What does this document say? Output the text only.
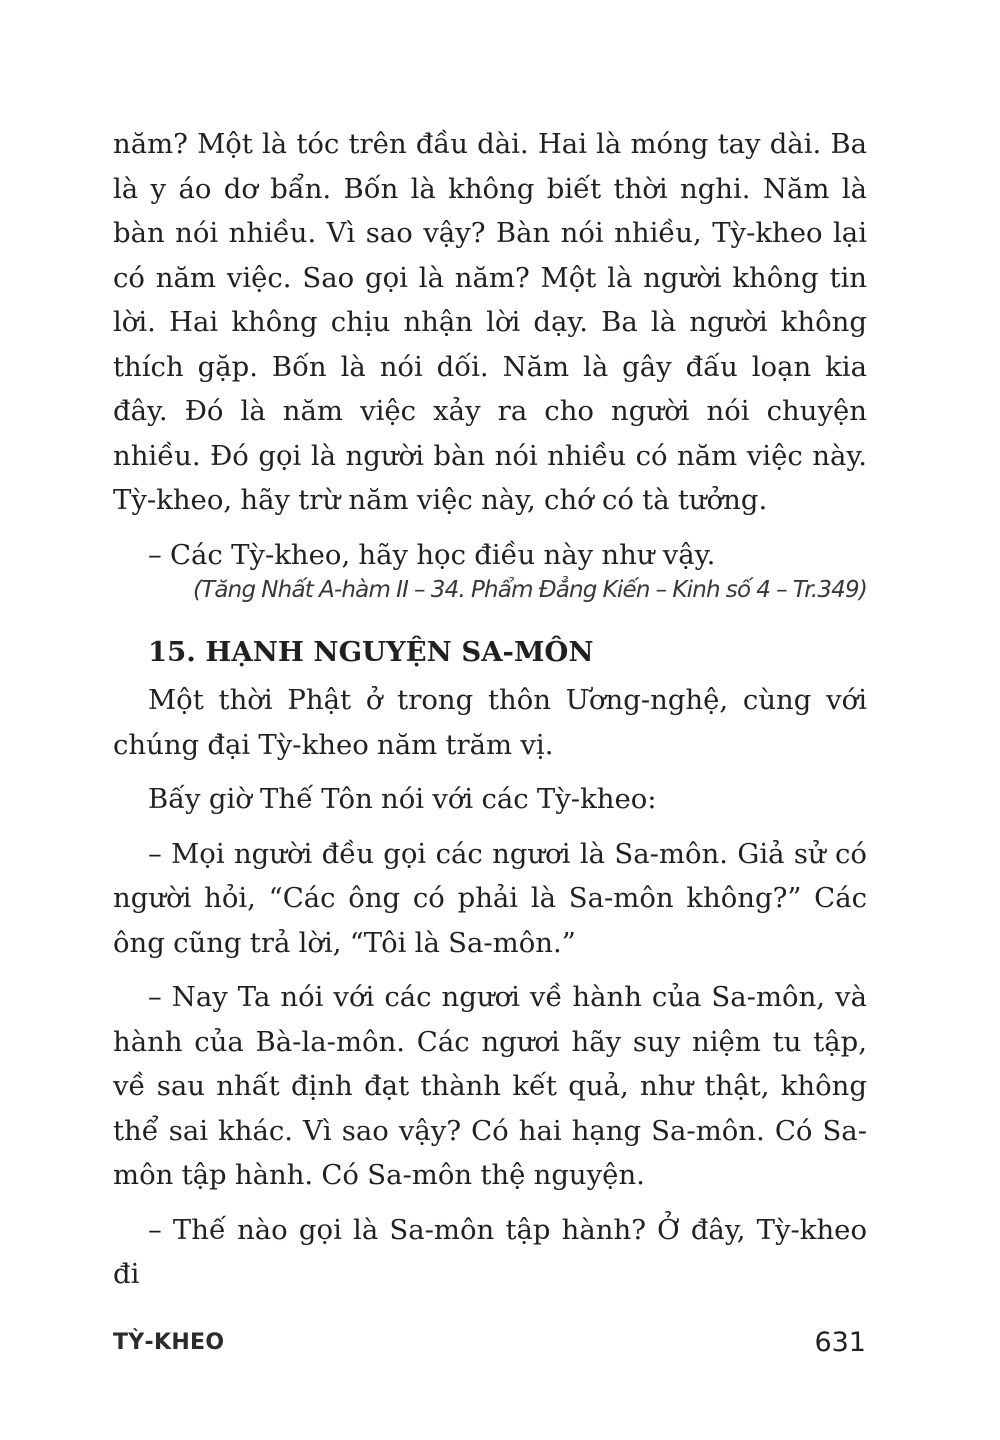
năm? Một là tóc trên đầu dài. Hai là móng tay dài. Ba là y áo dơ bẩn. Bốn là không biết thời nghi. Năm là bàn nói nhiều. Vì sao vậy? Bàn nói nhiều, Tỳ-kheo lại có năm việc. Sao gọi là năm? Một là người không tin lời. Hai không chịu nhận lời dạy. Ba là người không thích gặp. Bốn là nói dối. Năm là gây đấu loạn kia đây. Đó là năm việc xảy ra cho người nói chuyện nhiều. Đó gọi là người bàn nói nhiều có năm việc này. Tỳ-kheo, hãy trừ năm việc này, chớ có tà tưởng.

– Các Tỳ-kheo, hãy học điều này như vậy.

(Tăng Nhất A-hàm II – 34. Phẩm Đẳng Kiến – Kinh số 4 – Tr.349)

15. HẠNH NGUYỆN SA-MÔN

Một thời Phật ở trong thôn Ương-nghệ, cùng với chúng đại Tỳ-kheo năm trăm vị.

Bấy giờ Thế Tôn nói với các Tỳ-kheo:

– Mọi người đều gọi các ngươi là Sa-môn. Giả sử có người hỏi, “Các ông có phải là Sa-môn không?” Các ông cũng trả lời, “Tôi là Sa-môn.”

– Nay Ta nói với các ngươi về hành của Sa-môn, và hành của Bà-la-môn. Các ngươi hãy suy niệm tu tập, về sau nhất định đạt thành kết quả, như thật, không thể sai khác. Vì sao vậy? Có hai hạng Sa-môn. Có Sa-môn tập hành. Có Sa-môn thệ nguyện.

– Thế nào gọi là Sa-môn tập hành? Ở đây, Tỳ-kheo đi

TỲ-KHEO	631
